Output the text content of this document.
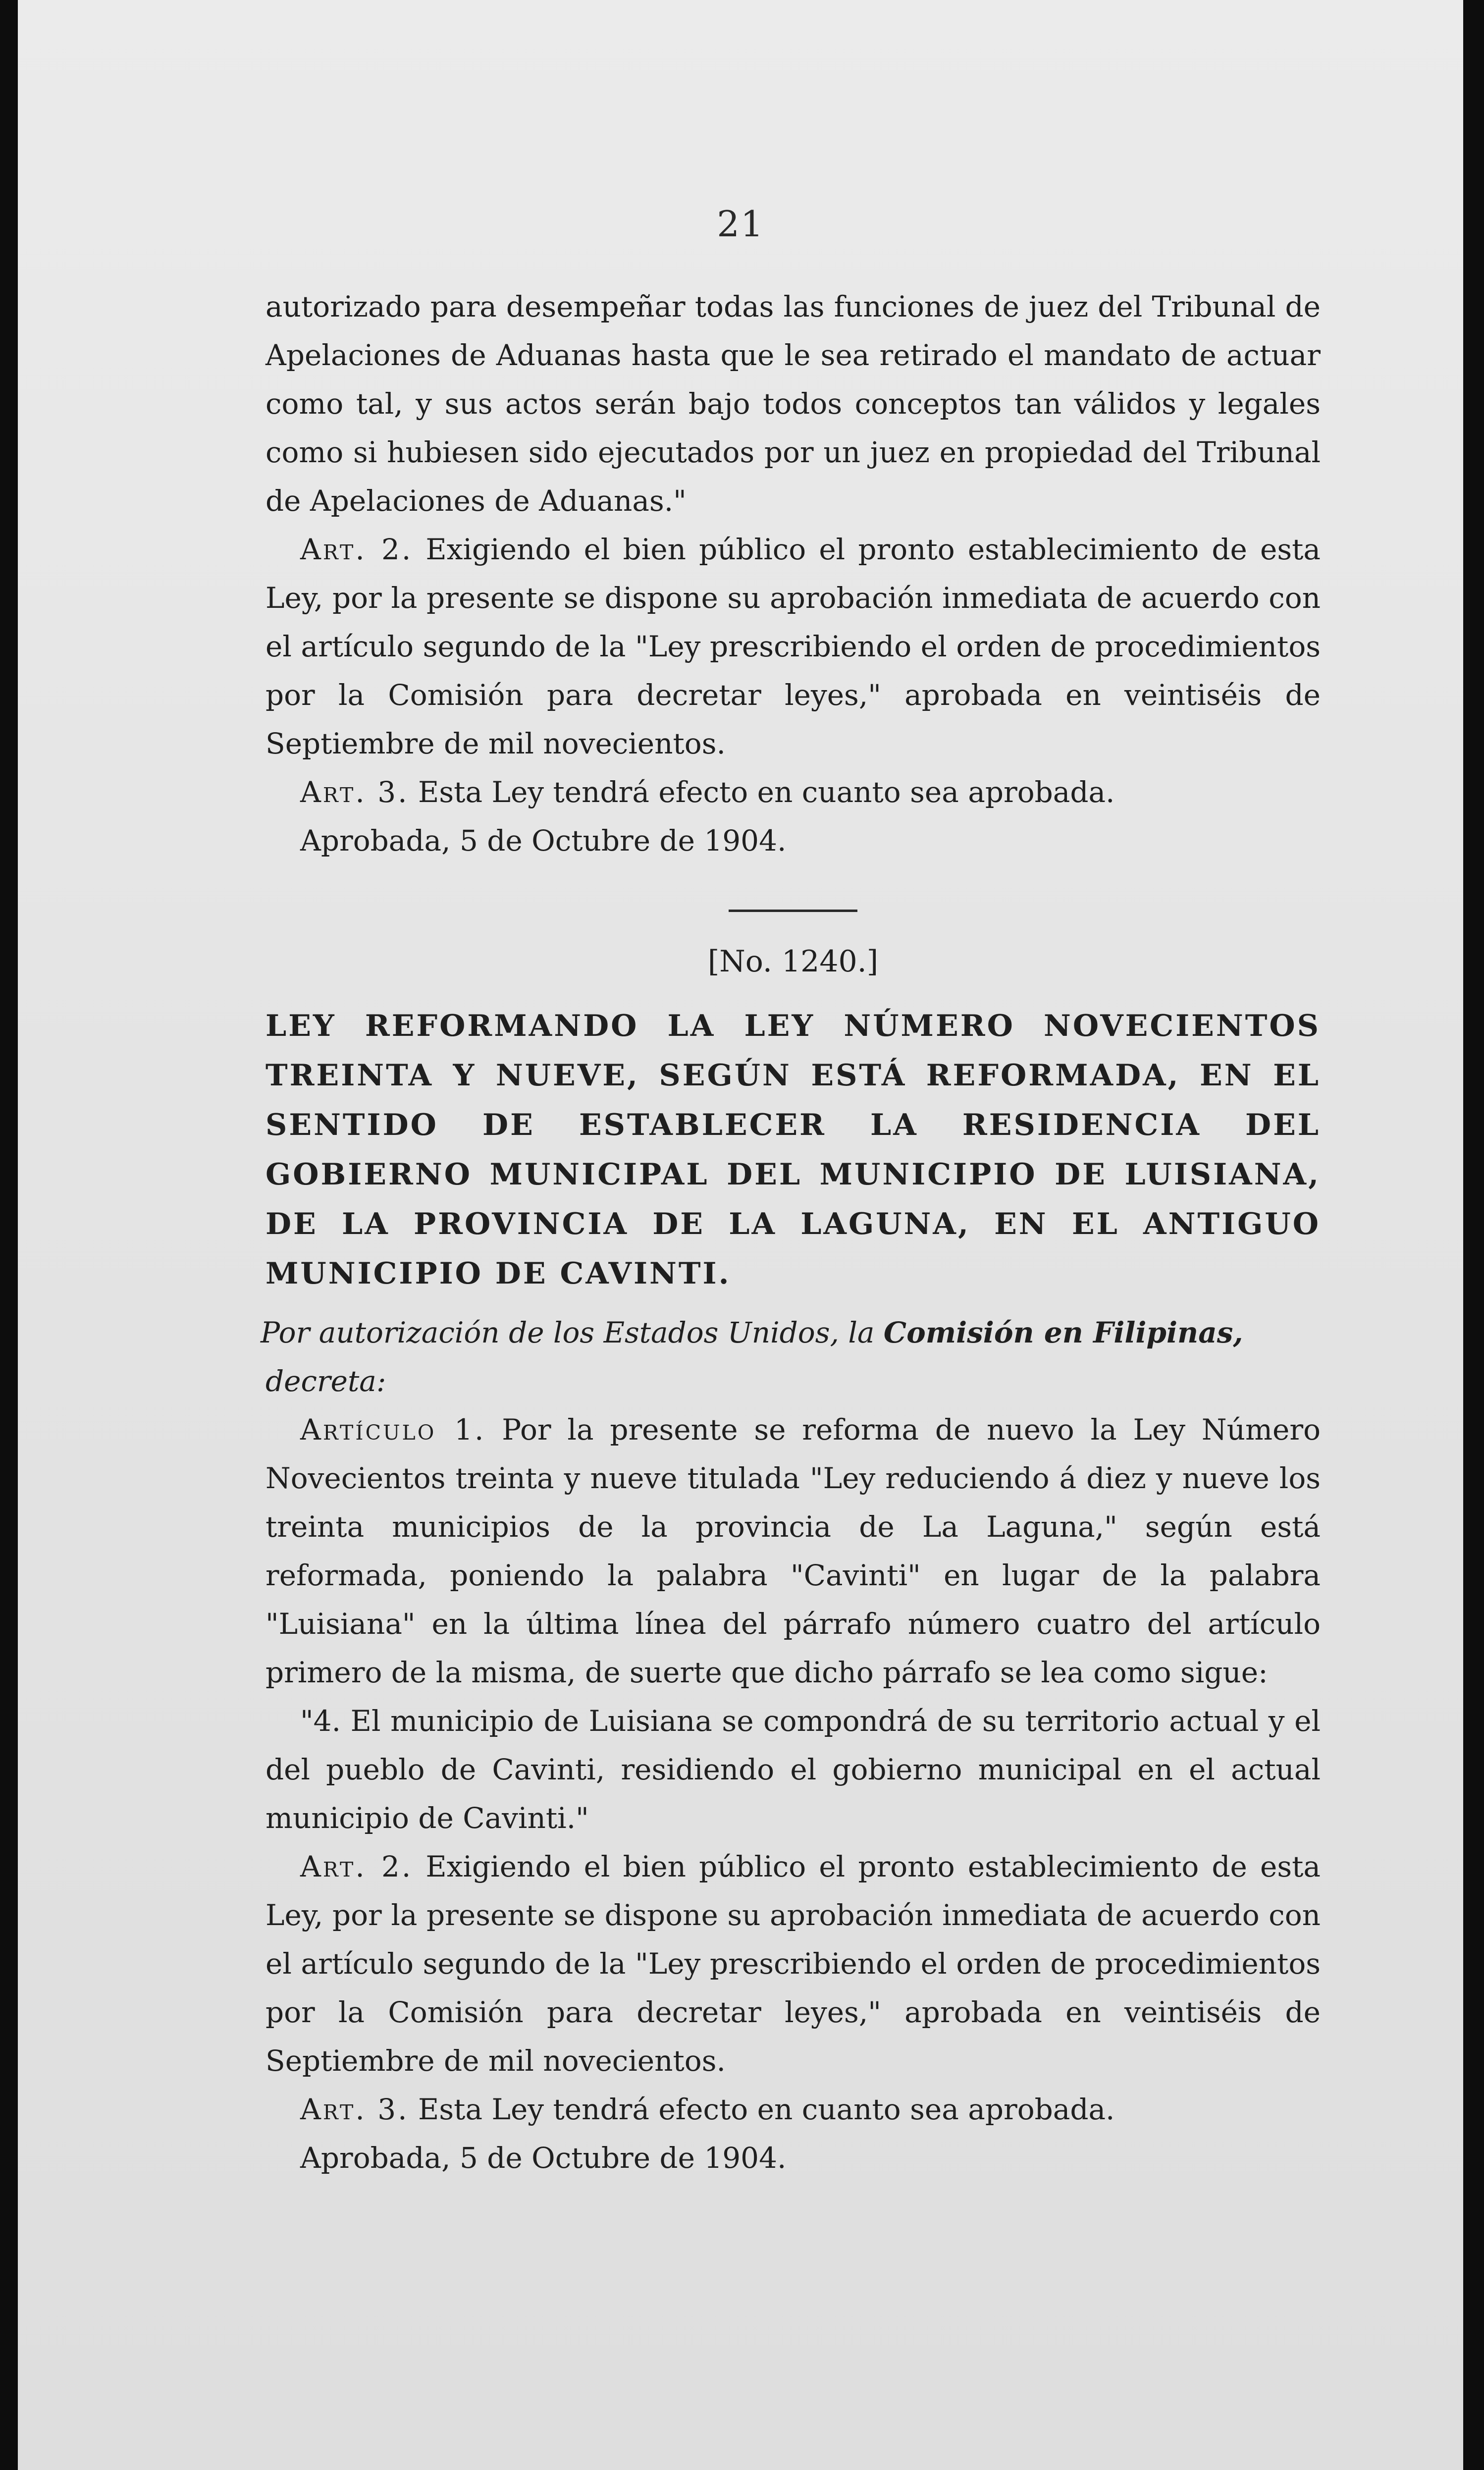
21

autorizado para desempeñar todas las funciones de juez del Tribunal de Apelaciones de Aduanas hasta que le sea retirado el mandato de actuar como tal, y sus actos serán bajo todos conceptos tan válidos y legales como si hubiesen sido ejecutados por un juez en propiedad del Tribunal de Apelaciones de Aduanas."

Art. 2. Exigiendo el bien público el pronto establecimiento de esta Ley, por la presente se dispone su aprobación inmediata de acuerdo con el artículo segundo de la "Ley prescribiendo el orden de procedimientos por la Comisión para decretar leyes," aprobada en veintiséis de Septiembre de mil novecientos.

Art. 3. Esta Ley tendrá efecto en cuanto sea aprobada.

Aprobada, 5 de Octubre de 1904.

[No. 1240.]

LEY REFORMANDO LA LEY NÚMERO NOVECIENTOS TREINTA Y NUEVE, SEGÚN ESTÁ REFORMADA, EN EL SENTIDO DE ESTABLECER LA RESIDENCIA DEL GOBIERNO MUNICIPAL DEL MUNICIPIO DE LUISIANA, DE LA PROVINCIA DE LA LAGUNA, EN EL ANTIGUO MUNICIPIO DE CAVINTI.

Por autorización de los Estados Unidos, la Comisión en Filipinas, decreta:

Artículo 1. Por la presente se reforma de nuevo la Ley Número Novecientos treinta y nueve titulada "Ley reduciendo á diez y nueve los treinta municipios de la provincia de La Laguna," según está reformada, poniendo la palabra "Cavinti" en lugar de la palabra "Luisiana" en la última línea del párrafo número cuatro del artículo primero de la misma, de suerte que dicho párrafo se lea como sigue:

"4. El municipio de Luisiana se compondrá de su territorio actual y el del pueblo de Cavinti, residiendo el gobierno municipal en el actual municipio de Cavinti."

Art. 2. Exigiendo el bien público el pronto establecimiento de esta Ley, por la presente se dispone su aprobación inmediata de acuerdo con el artículo segundo de la "Ley prescribiendo el orden de procedimientos por la Comisión para decretar leyes," aprobada en veintiséis de Septiembre de mil novecientos.

Art. 3. Esta Ley tendrá efecto en cuanto sea aprobada.

Aprobada, 5 de Octubre de 1904.
